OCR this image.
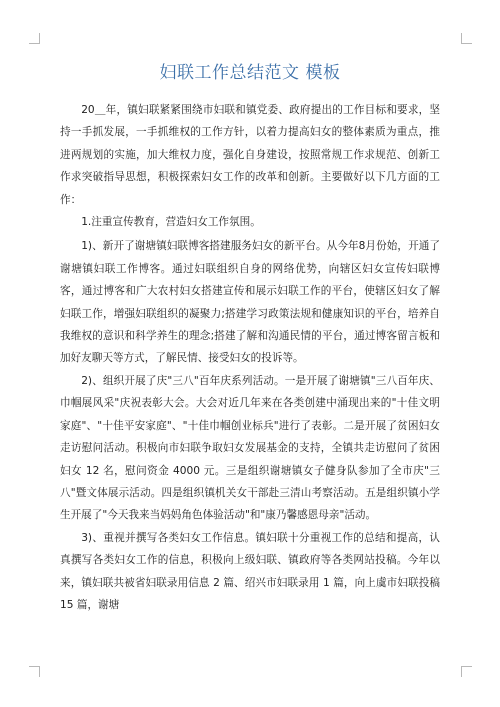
妇联工作总结范文 模板

20＿年，镇妇联紧紧围绕市妇联和镇党委、政府提出的工作目标和要求，坚持一手抓发展，一手抓维权的工作方针，以着力提高妇女的整体素质为重点，推进两规划的实施，加大维权力度，强化自身建设，按照常规工作求规范、创新工作求突破指导思想，积极探索妇女工作的改革和创新。主要做好以下几方面的工作：

1.注重宣传教育，营造妇女工作氛围。

1)、新开了谢塘镇妇联博客搭建服务妇女的新平台。从今年8月份始，开通了谢塘镇妇联工作博客。通过妇联组织自身的网络优势，向辖区妇女宣传妇联博客，通过博客和广大农村妇女搭建宣传和展示妇联工作的平台，使辖区妇女了解妇联工作，增强妇联组织的凝聚力;搭建学习政策法规和健康知识的平台，培养自我维权的意识和科学养生的理念;搭建了解和沟通民情的平台，通过博客留言板和加好友聊天等方式，了解民情、接受妇女的投诉等。

2)、组织开展了庆"三八"百年庆系列活动。一是开展了谢塘镇"三八百年庆、巾帼展风采"庆祝表彰大会。大会对近几年来在各类创建中涌现出来的"十佳文明家庭"、"十佳平安家庭"、"十佳巾帼创业标兵"进行了表彰。二是开展了贫困妇女走访慰问活动。积极向市妇联争取妇女发展基金的支持，全镇共走访慰问了贫困妇女 12 名，慰问资金 4000 元。三是组织谢塘镇女子健身队参加了全市庆"三八"暨文体展示活动。四是组织镇机关女干部赴三清山考察活动。五是组织镇小学生开展了"今天我来当妈妈角色体验活动"和"康乃馨感恩母亲"活动。

3)、重视并撰写各类妇女工作信息。镇妇联十分重视工作的总结和提高，认真撰写各类妇女工作的信息，积极向上级妇联、镇政府等各类网站投稿。今年以来，镇妇联共被省妇联录用信息 2 篇、绍兴市妇联录用 1 篇，向上虞市妇联投稿 15 篇，谢塘
